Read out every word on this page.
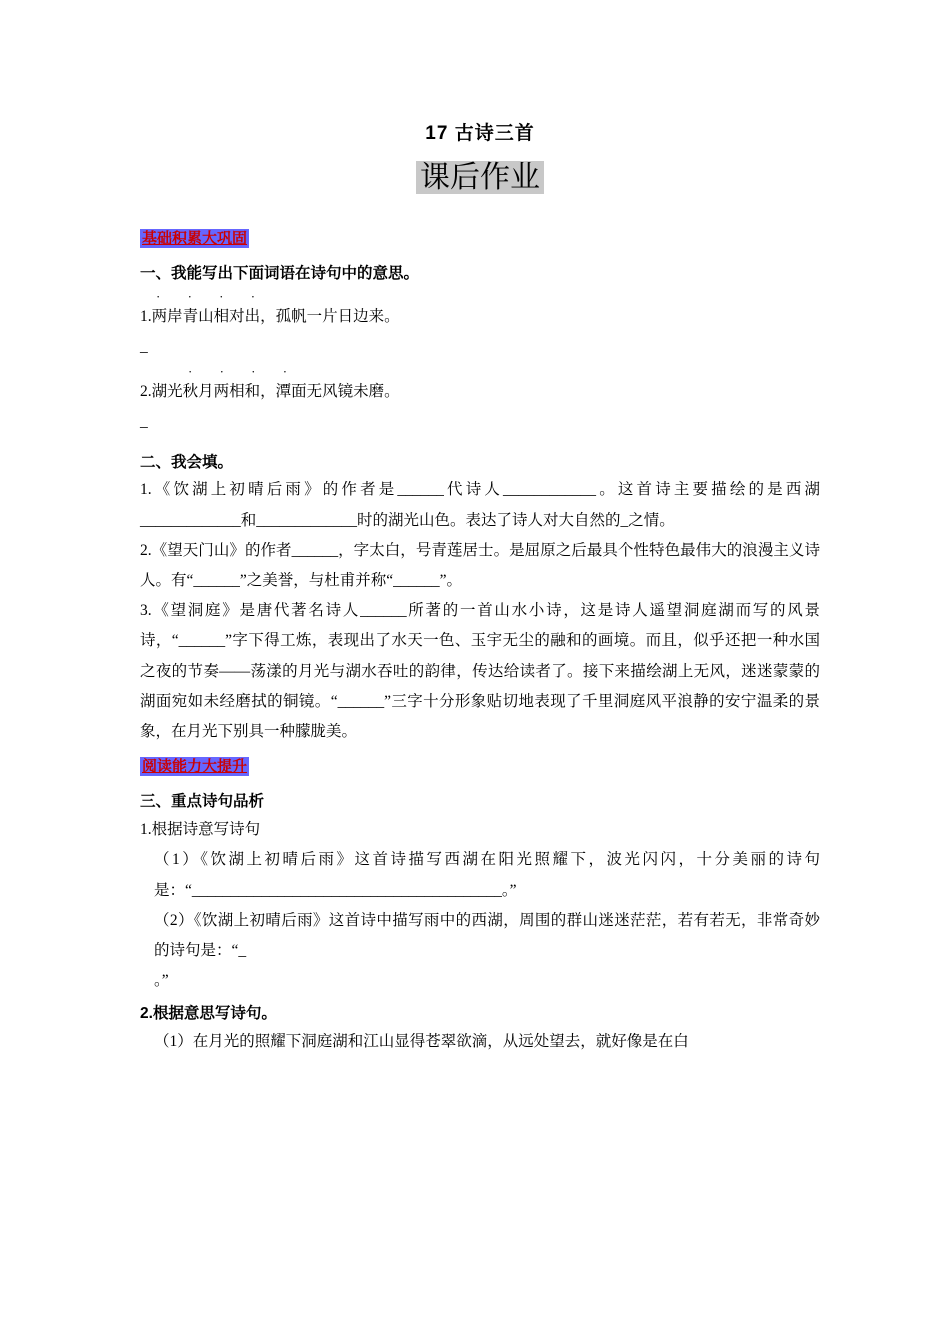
17 古诗三首
课后作业
基础积累大巩固
一、我能写出下面词语在诗句中的意思。
· · · ·
1.两岸青山相对出，孤帆一片日边来。
_
· · · ·
2.湖光秋月两相和，潭面无风镜未磨。
_
二、我会填。
1.《饮湖上初晴后雨》的作者是______代诗人____________。这首诗主要描绘的是西湖_____________和_____________时的湖光山色。表达了诗人对大自然的_之情。
2.《望天门山》的作者______，字太白，号青莲居士。是屈原之后最具个性特色最伟大的浪漫主义诗人。有“______”之美誉，与杜甫并称“______”。
3.《望洞庭》是唐代著名诗人______所著的一首山水小诗，这是诗人遥望洞庭湖而写的风景诗，“______”字下得工炼，表现出了水天一色、玉宇无尘的融和的画境。而且，似乎还把一种水国之夜的节奏——荡漾的月光与湖水吞吐的韵律，传达给读者了。接下来描绘湖上无风，迷迷蒙蒙的湖面宛如未经磨拭的铜镜。“______”三字十分形象贴切地表现了千里洞庭风平浪静的安宁温柔的景象，在月光下别具一种朦胧美。
阅读能力大提升
三、重点诗句品析
1.根据诗意写诗句
（1）《饮湖上初晴后雨》这首诗描写西湖在阳光照耀下，波光闪闪，十分美丽的诗句是：“________________________________________。”
（2）《饮湖上初晴后雨》这首诗中描写雨中的西湖，周围的群山迷迷茫茫，若有若无，非常奇妙的诗句是：“_
。”
2.根据意思写诗句。
（1）在月光的照耀下洞庭湖和江山显得苍翠欲滴，从远处望去，就好像是在白
